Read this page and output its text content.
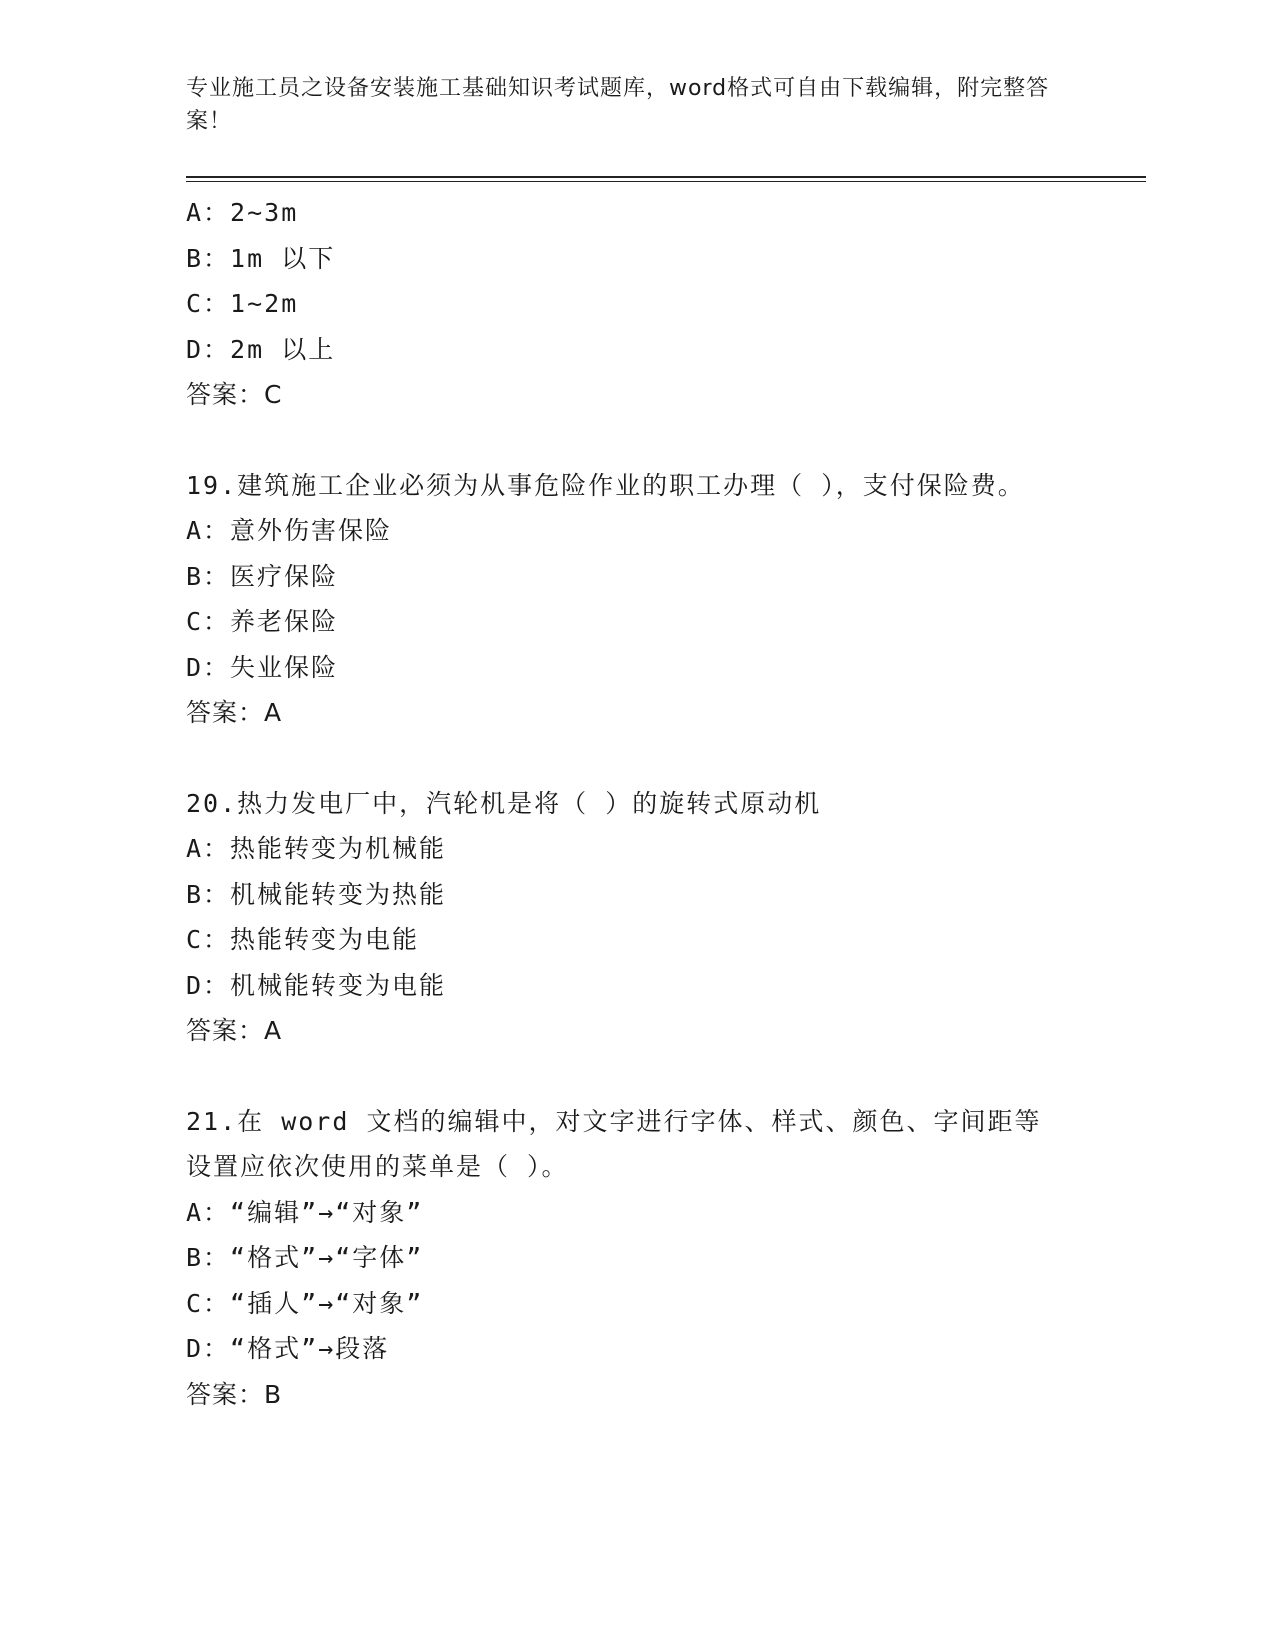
专业施工员之设备安装施工基础知识考试题库，word格式可自由下载编辑，附完整答案！
A：2~3m
B：1m 以下
C：1~2m
D：2m 以上
答案：C
19.建筑施工企业必须为从事危险作业的职工办理（ ），支付保险费。
A：意外伤害保险
B：医疗保险
C：养老保险
D：失业保险
答案：A
20.热力发电厂中，汽轮机是将（ ）的旋转式原动机
A：热能转变为机械能
B：机械能转变为热能
C：热能转变为电能
D：机械能转变为电能
答案：A
21.在 word 文档的编辑中，对文字进行字体、样式、颜色、字间距等设置应依次使用的菜单是（ ）。
A：“编辑”→“对象”
B：“格式”→“字体”
C：“插人”→“对象”
D：“格式”→段落
答案：B
